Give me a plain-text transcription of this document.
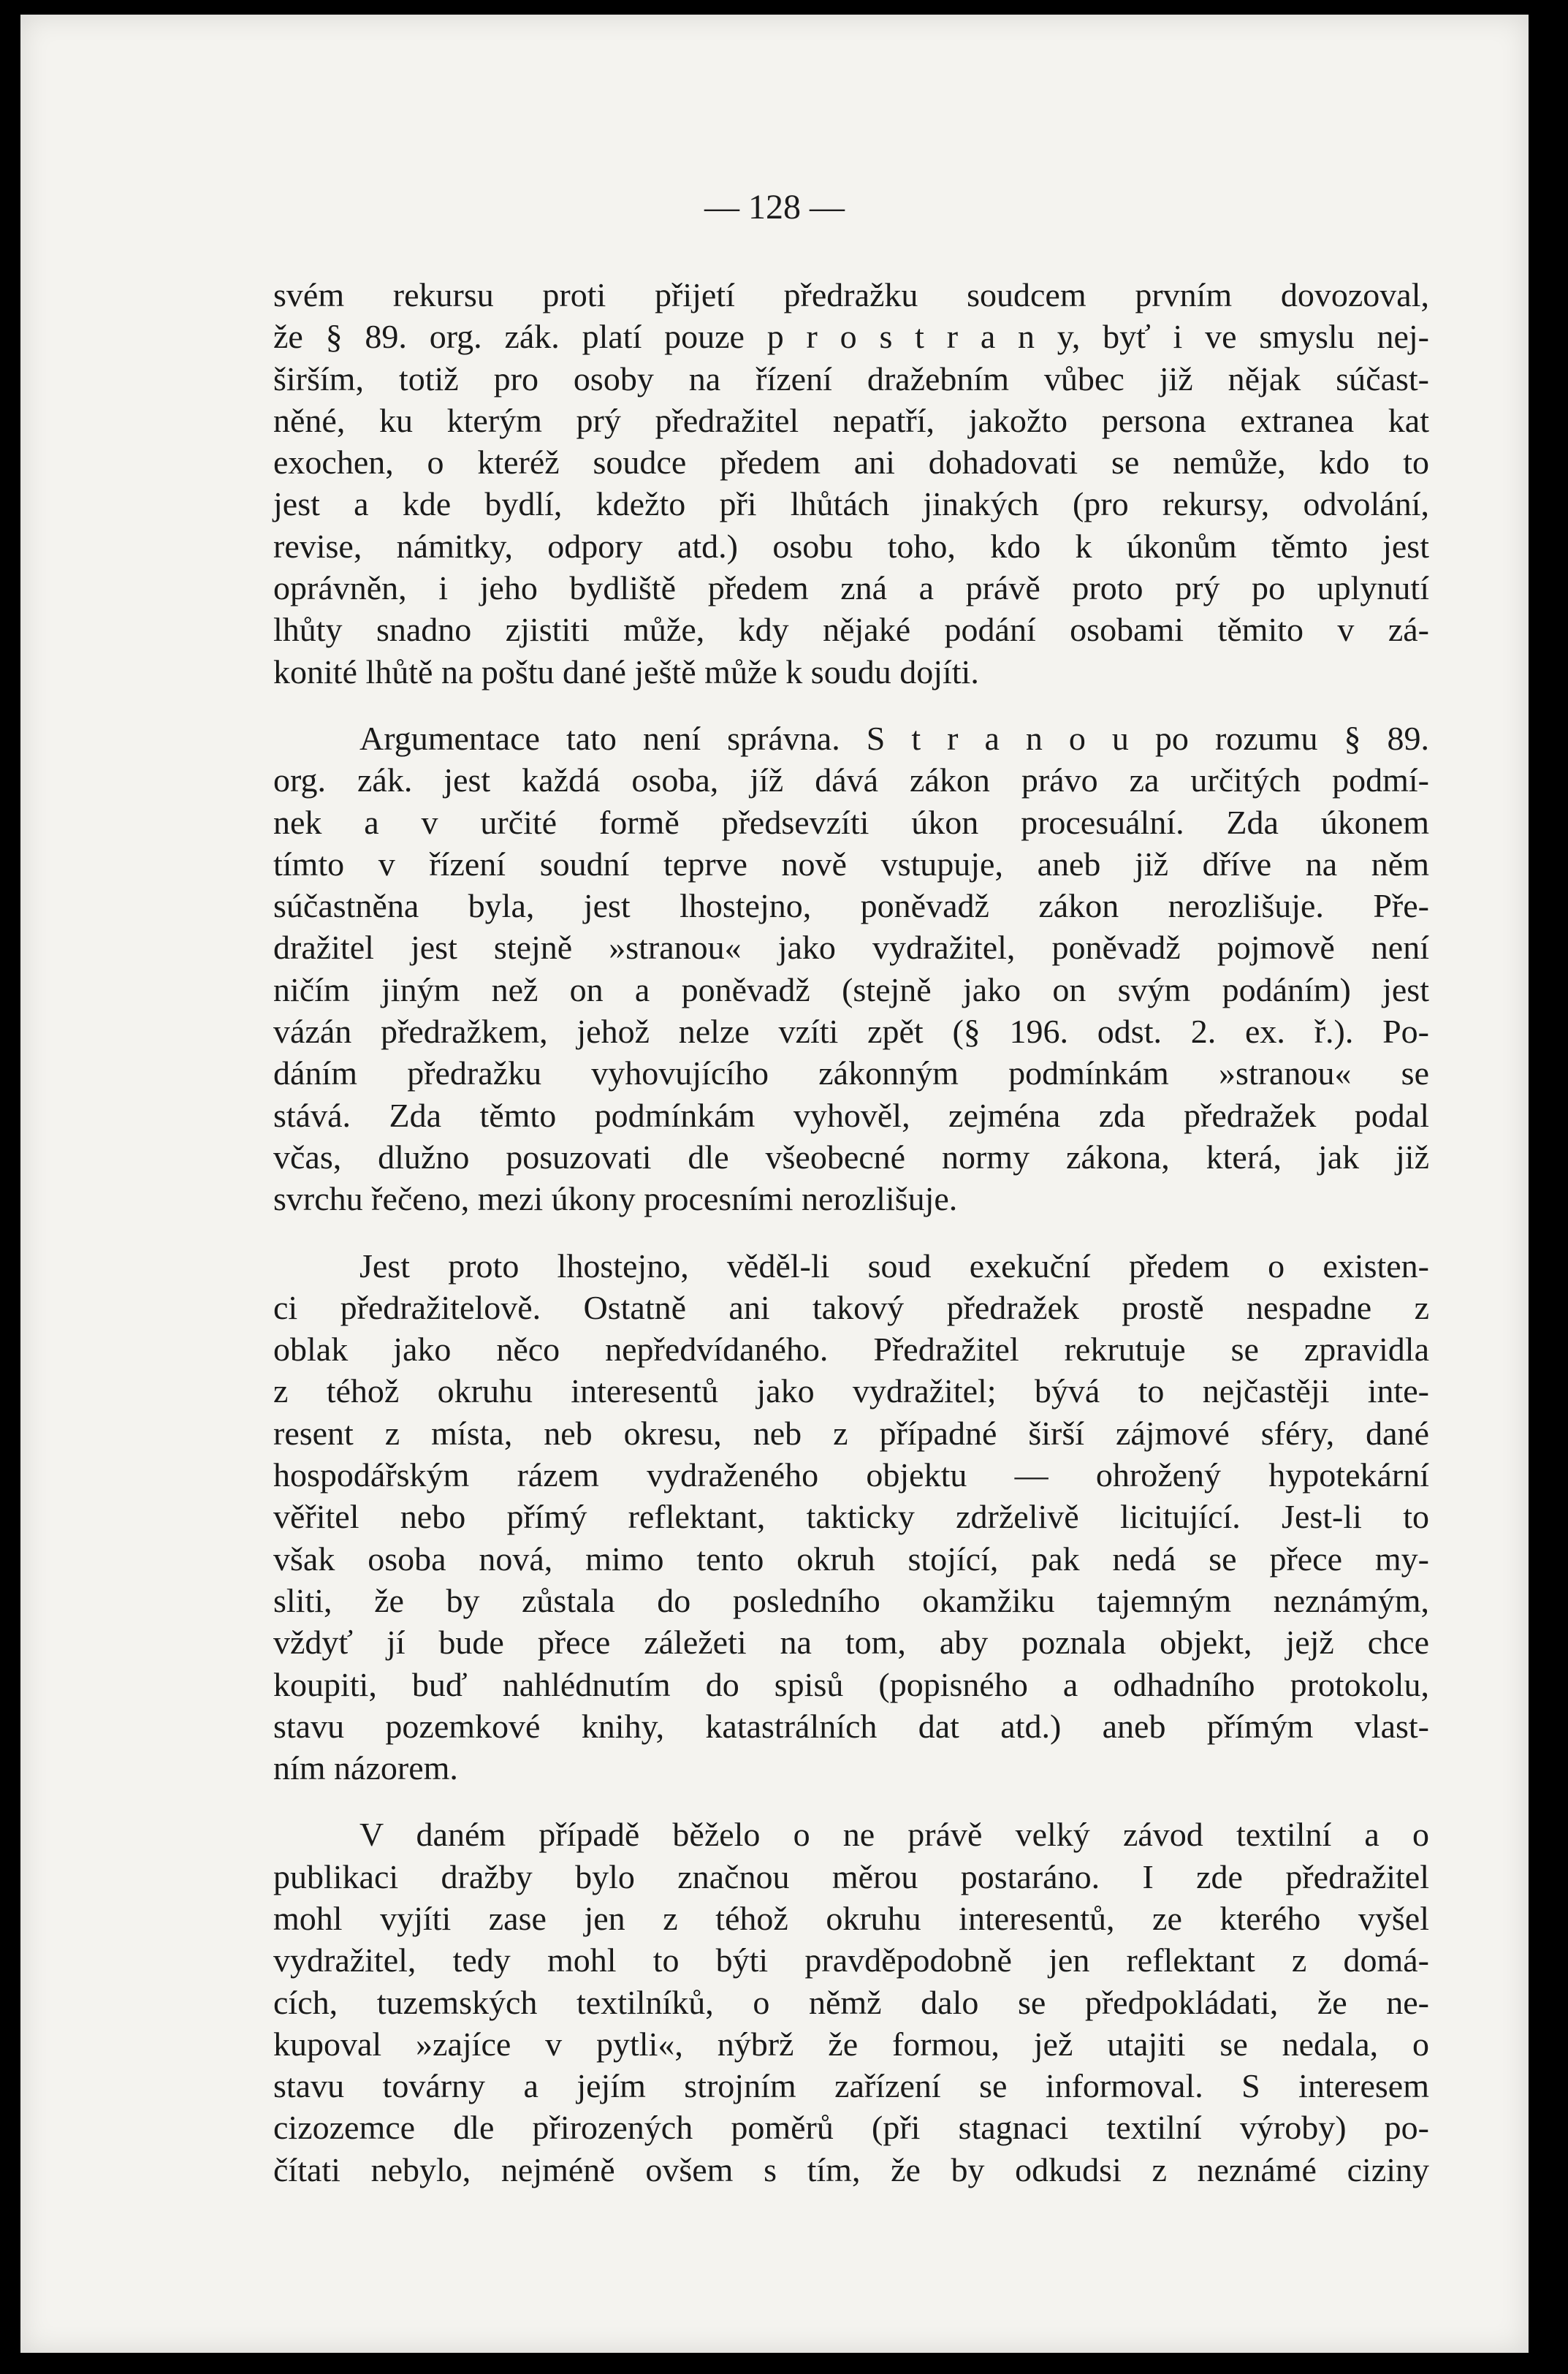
— 128 —
svém rekursu proti přijetí předražku soudcem prvním dovozoval,
že § 89. org. zák. platí pouze p r o s t r a n y, byť i ve smyslu nej-
širším, totiž pro osoby na řízení dražebním vůbec již nějak súčast-
něné, ku kterým prý předražitel nepatří, jakožto persona extranea kat
exochen, o kteréž soudce předem ani dohadovati se nemůže, kdo to
jest a kde bydlí, kdežto při lhůtách jinakých (pro rekursy, odvolání,
revise, námitky, odpory atd.) osobu toho, kdo k úkonům těmto jest
oprávněn, i jeho bydliště předem zná a právě proto prý po uplynutí
lhůty snadno zjistiti může, kdy nějaké podání osobami těmito v zá-
konité lhůtě na poštu dané ještě může k soudu dojíti.
Argumentace tato není správna. S t r a n o u po rozumu § 89.
org. zák. jest každá osoba, jíž dává zákon právo za určitých podmí-
nek a v určité formě předsevzíti úkon procesuální. Zda úkonem
tímto v řízení soudní teprve nově vstupuje, aneb již dříve na něm
súčastněna byla, jest lhostejno, poněvadž zákon nerozlišuje. Pře-
dražitel jest stejně »stranou« jako vydražitel, poněvadž pojmově není
ničím jiným než on a poněvadž (stejně jako on svým podáním) jest
vázán předražkem, jehož nelze vzíti zpět (§ 196. odst. 2. ex. ř.). Po-
dáním předražku vyhovujícího zákonným podmínkám »stranou« se
stává. Zda těmto podmínkám vyhověl, zejména zda předražek podal
včas, dlužno posuzovati dle všeobecné normy zákona, která, jak již
svrchu řečeno, mezi úkony procesními nerozlišuje.
Jest proto lhostejno, věděl-li soud exekuční předem o existen-
ci předražitelově. Ostatně ani takový předražek prostě nespadne z
oblak jako něco nepředvídaného. Předražitel rekrutuje se zpravidla
z téhož okruhu interesentů jako vydražitel; bývá to nejčastěji inte-
resent z místa, neb okresu, neb z případné širší zájmové sféry, dané
hospodářským rázem vydraženého objektu — ohrožený hypotekární
věřitel nebo přímý reflektant, takticky zdrželivě licitující. Jest-li to
však osoba nová, mimo tento okruh stojící, pak nedá se přece my-
sliti, že by zůstala do posledního okamžiku tajemným neznámým,
vždyť jí bude přece záležeti na tom, aby poznala objekt, jejž chce
koupiti, buď nahlédnutím do spisů (popisného a odhadního protokolu,
stavu pozemkové knihy, katastrálních dat atd.) aneb přímým vlast-
ním názorem.
V daném případě běželo o ne právě velký závod textilní a o
publikaci dražby bylo značnou měrou postaráno. I zde předražitel
mohl vyjíti zase jen z téhož okruhu interesentů, ze kterého vyšel
vydražitel, tedy mohl to býti pravděpodobně jen reflektant z domá-
cích, tuzemských textilníků, o němž dalo se předpokládati, že ne-
kupoval »zajíce v pytli«, nýbrž že formou, jež utajiti se nedala, o
stavu továrny a jejím strojním zařízení se informoval. S interesem
cizozemce dle přirozených poměrů (při stagnaci textilní výroby) po-
čítati nebylo, nejméně ovšem s tím, že by odkudsi z neznámé ciziny
